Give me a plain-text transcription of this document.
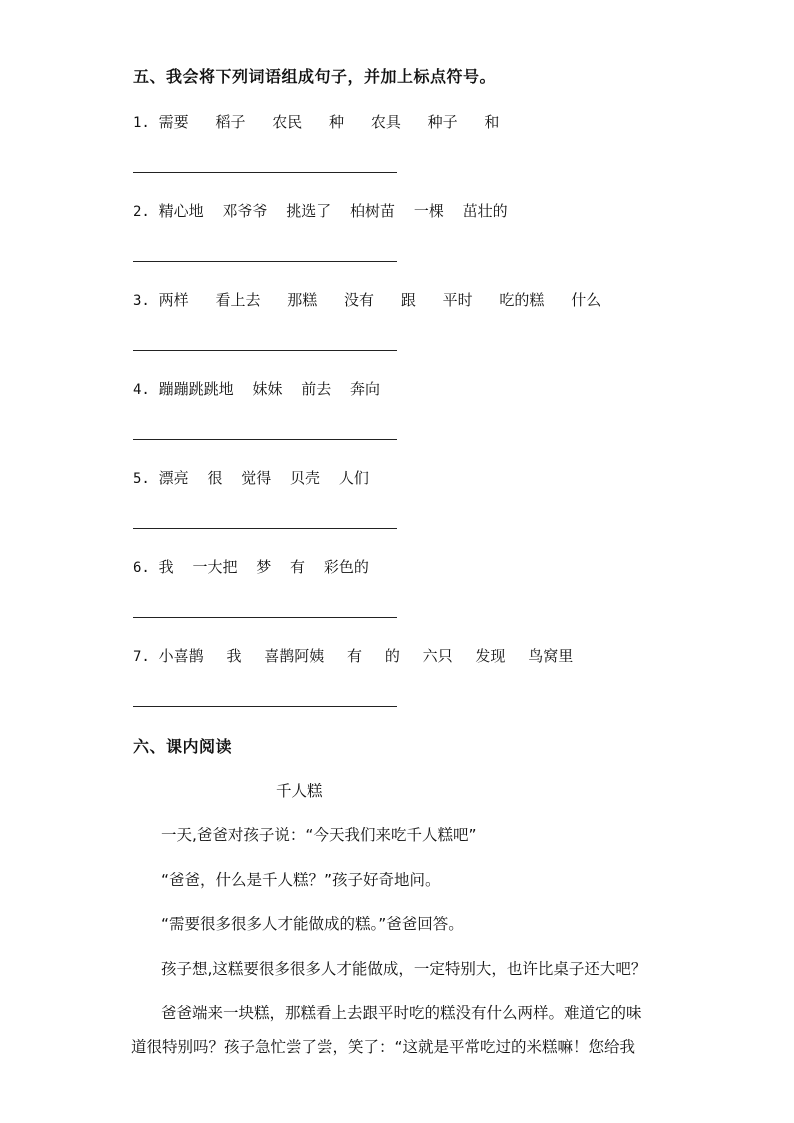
五、我会将下列词语组成句子，并加上标点符号。
1. 需要 稻子 农民 种 农具 种子 和
2. 精心地 邓爷爷 挑选了 柏树苗 一棵 茁壮的
3. 两样 看上去 那糕 没有 跟 平时 吃的糕 什么
4. 蹦蹦跳跳地 妹妹 前去 奔向
5. 漂亮 很 觉得 贝壳 人们
6. 我 一大把 梦 有 彩色的
7. 小喜鹊 我 喜鹊阿姨 有 的 六只 发现 鸟窝里
六、课内阅读
千人糕
一天,爸爸对孩子说：“今天我们来吃千人糕吧”
“爸爸，什么是千人糕？”孩子好奇地问。
“需要很多很多人才能做成的糕。”爸爸回答。
孩子想,这糕要很多很多人才能做成，一定特别大，也许比桌子还大吧？
爸爸端来一块糕，那糕看上去跟平时吃的糕没有什么两样。难道它的味
道很特别吗？孩子急忙尝了尝，笑了：“这就是平常吃过的米糕嘛！您给我
